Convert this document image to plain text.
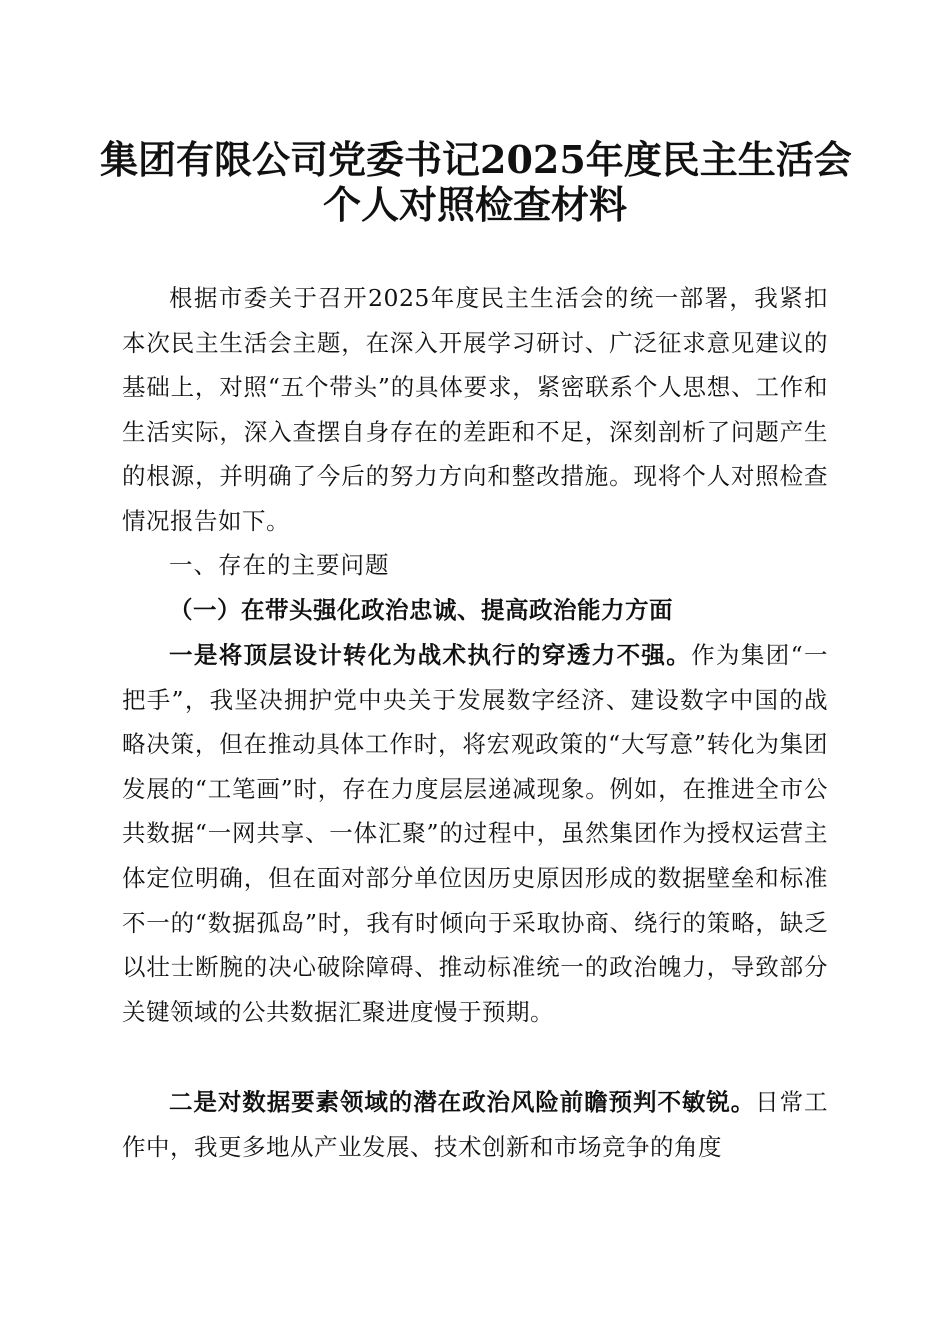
集团有限公司党委书记2025年度民主生活会
个人对照检查材料

根据市委关于召开2025年度民主生活会的统一部署，我紧扣本次民主生活会主题，在深入开展学习研讨、广泛征求意见建议的基础上，对照“五个带头”的具体要求，紧密联系个人思想、工作和生活实际，深入查摆自身存在的差距和不足，深刻剖析了问题产生的根源，并明确了今后的努力方向和整改措施。现将个人对照检查情况报告如下。

一、存在的主要问题

（一）在带头强化政治忠诚、提高政治能力方面

一是将顶层设计转化为战术执行的穿透力不强。作为集团“一把手”，我坚决拥护党中央关于发展数字经济、建设数字中国的战略决策，但在推动具体工作时，将宏观政策的“大写意”转化为集团发展的“工笔画”时，存在力度层层递减现象。例如，在推进全市公共数据“一网共享、一体汇聚”的过程中，虽然集团作为授权运营主体定位明确，但在面对部分单位因历史原因形成的数据壁垒和标准不一的“数据孤岛”时，我有时倾向于采取协商、绕行的策略，缺乏以壮士断腕的决心破除障碍、推动标准统一的政治魄力，导致部分关键领域的公共数据汇聚进度慢于预期。

二是对数据要素领域的潜在政治风险前瞻预判不敏锐。日常工作中，我更多地从产业发展、技术创新和市场竞争的角度
